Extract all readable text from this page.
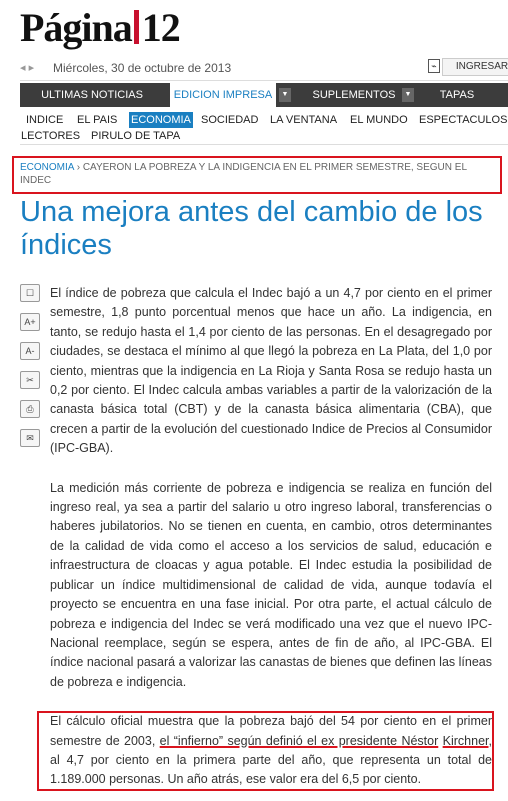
Página 12
◂ ▸ Miércoles, 30 de octubre de 2013	⌁	INGRESAR
ULTIMAS NOTICIAS	EDICION IMPRESA	▼	SUPLEMENTOS	▼	TAPAS
INDICE EL PAIS ECONOMIA SOCIEDAD LA VENTANA EL MUNDO ESPECTACULOS
LECTORES PIRULO DE TAPA
ECONOMIA › CAYERON LA POBREZA Y LA INDIGENCIA EN EL PRIMER SEMESTRE, SEGUN EL INDEC
Una mejora antes del cambio de los índices
☐
A+
A-
✂
⎙
✉

El índice de pobreza que calcula el Indec bajó a un 4,7 por ciento en el primer semestre, 1,8 punto porcentual menos que hace un año. La indigencia, en tanto, se redujo hasta el 1,4 por ciento de las personas. En el desagregado por ciudades, se destaca el mínimo al que llegó la pobreza en La Plata, del 1,0 por ciento, mientras que la indigencia en La Rioja y Santa Rosa se redujo hasta un 0,2 por ciento. El Indec calcula ambas variables a partir de la valorización de la canasta básica total (CBT) y de la canasta básica alimentaria (CBA), que crecen a partir de la evolución del cuestionado Indice de Precios al Consumidor (IPC-GBA).

La medición más corriente de pobreza e indigencia se realiza en función del ingreso real, ya sea a partir del salario u otro ingreso laboral, transferencias o haberes jubilatorios. No se tienen en cuenta, en cambio, otros determinantes de la calidad de vida como el acceso a los servicios de salud, educación e infraestructura de cloacas y agua potable. El Indec estudia la posibilidad de publicar un índice multidimensional de calidad de vida, aunque todavía el proyecto se encuentra en una fase inicial. Por otra parte, el actual cálculo de pobreza e indigencia del Indec se verá modificado una vez que el nuevo IPC-Nacional reemplace, según se espera, antes de fin de año, al IPC-GBA. El índice nacional pasará a valorizar las canastas de bienes que definen las líneas de pobreza e indigencia.

El cálculo oficial muestra que la pobreza bajó del 54 por ciento en el primer semestre de 2003, el “infierno” según definió el ex presidente Néstor Kirchner, al 4,7 por ciento en la primera parte del año, que representa un total de 1.189.000 personas. Un año atrás, ese valor era del 6,5 por ciento.
